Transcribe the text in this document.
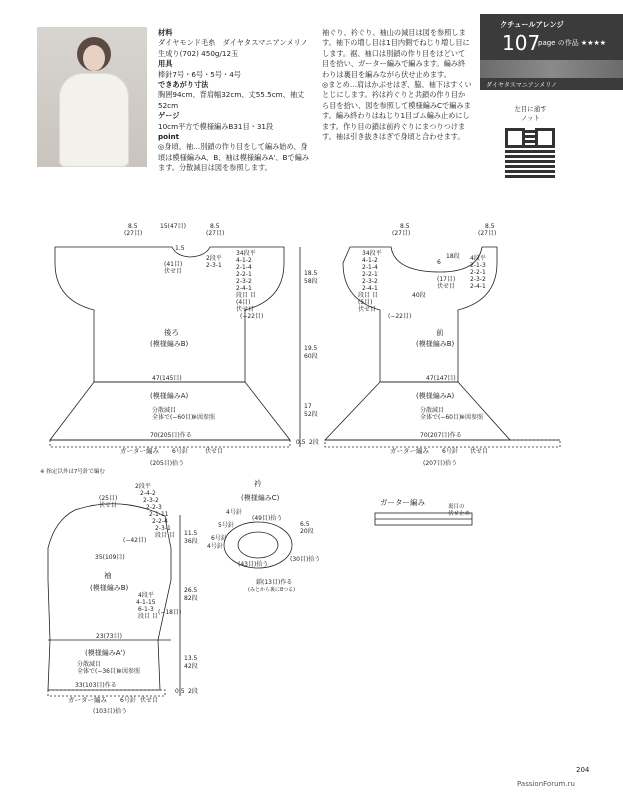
材料
ダイヤモンド毛糸　ダイヤタスマニアンメリノ　生成り(702) 450g/12玉
用具
棒針7号・6号・5号・4号
できあがり寸法
胸囲94cm、背肩幅32cm、丈55.5cm、袖丈52cm
ゲージ
10cm平方で模様編みB31目・31段
point
◎身頃、袖…別鎖の作り目をして編み始め、身頃は模様編みA、B、袖は模様編みA'、Bで編みます。分散減目は図を参照します。
袖ぐり、衿ぐり、袖山の減目は図を参照します。袖下の増し目は1目内側でねじり増し目にします。裾、袖口は別鎖の作り目をほどいて目を拾い、ガーター編みで編みます。編み終わりは裏目を編みながら伏せ止めます。
◎まとめ…肩はかぶせはぎ、脇、袖下はすくいとじにします。衿は衿ぐりと共鎖の作り目から目を拾い、図を参照して模様編みCで編みます。編み終わりはねじり1目ゴム編み止めにします。作り目の鎖は前衿ぐりにまつりつけます。袖は引き抜きはぎで身頃と合わせます。
クチュールアレンジ
107
page の作品 ★★★★
ダイヤタスマニアンメリノ
左目に通す
ノット
8.5
(27目)
15(47目)	8.5
(27目)
1.5
(41目)
伏せ目
2段平
2-3-1
34段平
4-1-2
2-1-4
2-2-1
2-3-2
2-4-1
段目 目
(4目)
伏せ目
(−22目)
18.5
58段
19.5
60段
17
52段
0.5 2段
後ろ
(模様編みB)
47(145目)
(模様編みA)
分散減目
全体で(−60目)
※図参照
70(205目)作る
ガーター編み 6号針	伏せ目
(205目)拾う
8.5
(27目)
8.5
(27目)
6
18段
(17目)
伏せ目
4段平
2-1-3
2-2-1
2-3-2
2-4-1
34段平
4-1-2
2-1-4
2-2-1
2-3-2
2-4-1
段目 目
(5目)
伏せ目
(−22目)
40段
前
(模様編みB)
47(147目)
(模様編みA)
分散減目
全体で(−60目)
※図参照
70(207目)作る
ガーター編み 6号針 伏せ目
(207目)拾う
※ 指定以外は7号針で編む
(25目)
伏せ目
2段平
2-4-2
2-3-2
2-2-3
2-1-11
2-2-4
2-3-1
段目 目
(−42目)
35(109目)
袖
(模様編みB)
4段平
4-1-15
6-1-3
段目 目
(−18目)
11.5
36段
26.5
82段
13.5
42段
0.5 2段
23(73目)
(模様編みA')
分散減目
全体で(−36目)
※図参照
33(103目)作る
ガーター編み 6号針 伏せ目
(103目)拾う
衿
(模様編みC)
4号針
5号針
6号針
4号針
(49目)拾う
6.5
20段
(43目)拾う
(30目)拾う
鎖(13目)作る
(みとから裏に8つる)
ガーター編み	裏目の
伏せ止め
204
PassionForum.ru
